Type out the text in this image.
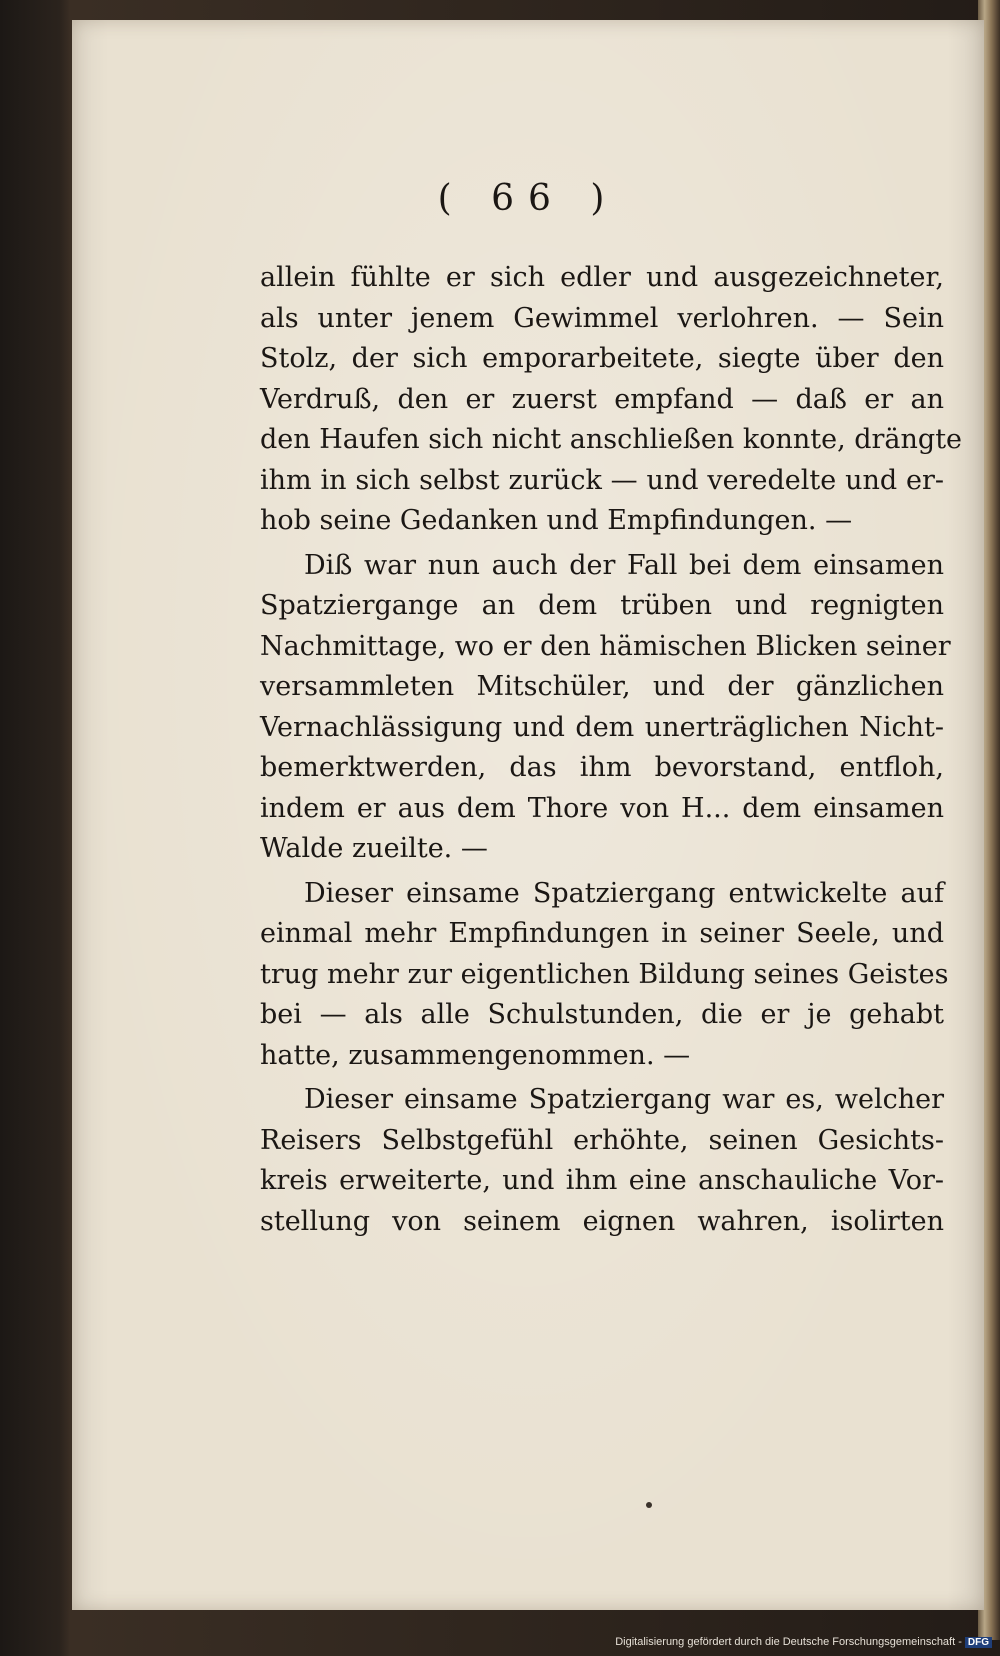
( 66 )
allein fühlte er sich edler und ausgezeichneter,
als unter jenem Gewimmel verlohren. — Sein
Stolz, der sich emporarbeitete, siegte über den
Verdruß, den er zuerst empfand — daß er an
den Haufen sich nicht anschließen konnte, drängte
ihm in sich selbst zurück — und veredelte und er-
hob seine Gedanken und Empfindungen. —
Diß war nun auch der Fall bei dem einsamen
Spatziergange an dem trüben und regnigten
Nachmittage, wo er den hämischen Blicken seiner
versammleten Mitschüler, und der gänzlichen
Vernachlässigung und dem unerträglichen Nicht-
bemerktwerden, das ihm bevorstand, entfloh,
indem er aus dem Thore von H... dem einsamen
Walde zueilte. —
Dieser einsame Spatziergang entwickelte auf
einmal mehr Empfindungen in seiner Seele, und
trug mehr zur eigentlichen Bildung seines Geistes
bei — als alle Schulstunden, die er je gehabt
hatte, zusammengenommen. —
Dieser einsame Spatziergang war es, welcher
Reisers Selbstgefühl erhöhte, seinen Gesichts-
kreis erweiterte, und ihm eine anschauliche Vor-
stellung von seinem eignen wahren, isolirten
Digitalisierung gefördert durch die Deutsche Forschungsgemeinschaft - DFG
